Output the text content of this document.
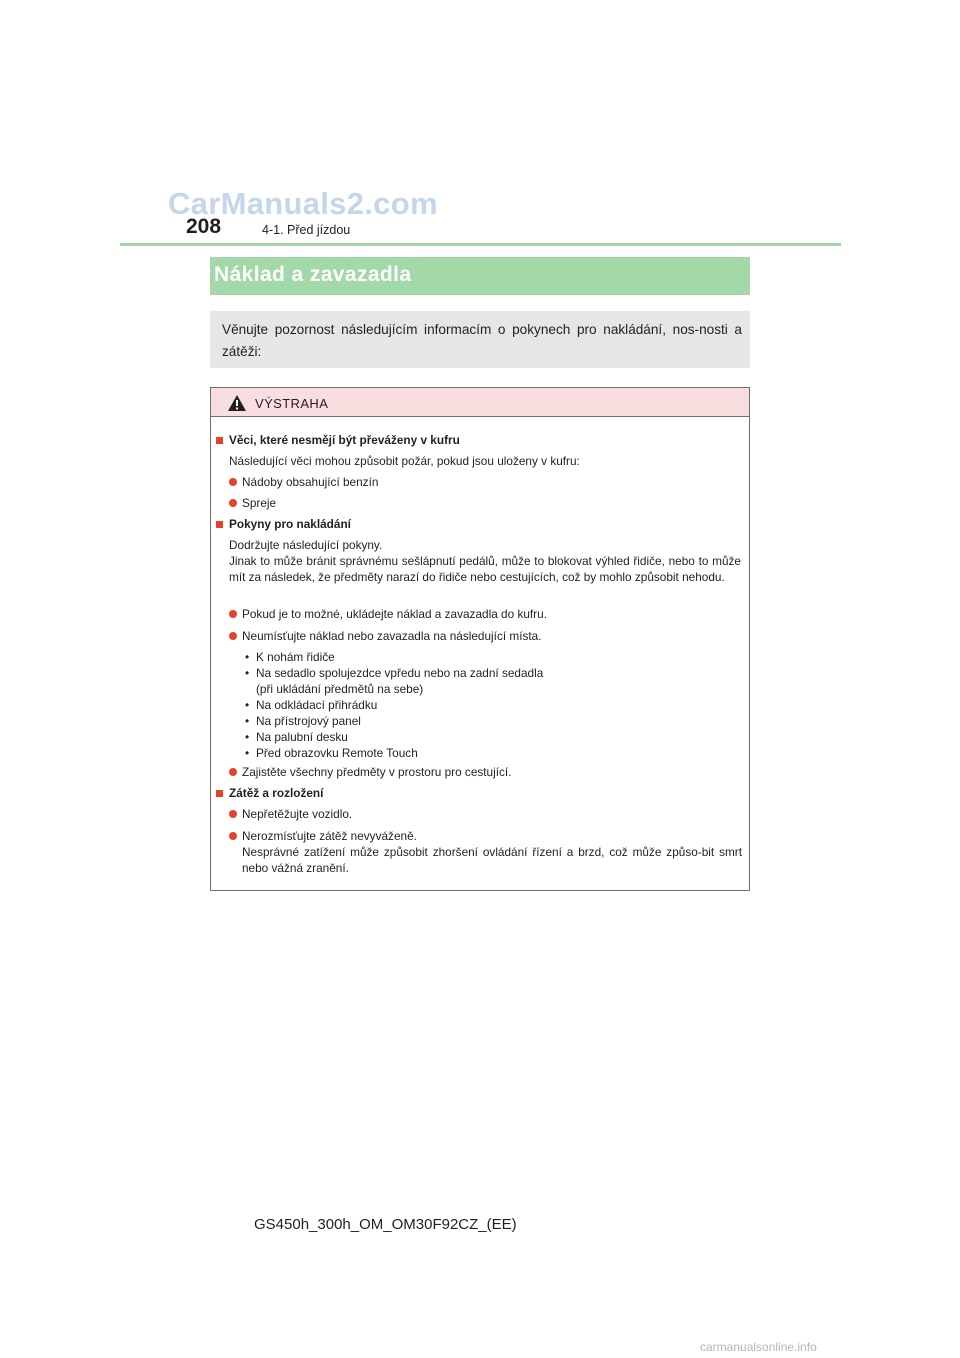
CarManuals2.com
208	4-1. Před jízdou
Náklad a zavazadla

Věnujte pozornost následujícím informacím o pokynech pro nakládání, nos-nosti a zátěži:

VÝSTRAHA
Věci, které nesmějí být převáženy v kufru
Následující věci mohou způsobit požár, pokud jsou uloženy v kufru:
Nádoby obsahující benzín
Spreje
Pokyny pro nakládání
Dodržujte následující pokyny.
Jinak to může bránit správnému sešlápnutí pedálů, může to blokovat výhled řidiče, nebo to může mít za následek, že předměty narazí do řidiče nebo cestujících, což by mohlo způsobit nehodu.
Pokud je to možné, ukládejte náklad a zavazadla do kufru.
Neumísťujte náklad nebo zavazadla na následující místa.
• K nohám řidiče
• Na sedadlo spolujezdce vpředu nebo na zadní sedadla
(při ukládání předmětů na sebe)
• Na odkládací přihrádku
• Na přístrojový panel
• Na palubní desku
• Před obrazovku Remote Touch
Zajistěte všechny předměty v prostoru pro cestující.
Zátěž a rozložení
Nepřetěžujte vozidlo.
Nerozmísťujte zátěž nevyváženě.
Nesprávné zatížení může způsobit zhoršení ovládání řízení a brzd, což může způso-bit smrt nebo vážná zranění.
GS450h_300h_OM_OM30F92CZ_(EE)
carmanualsonline.info
